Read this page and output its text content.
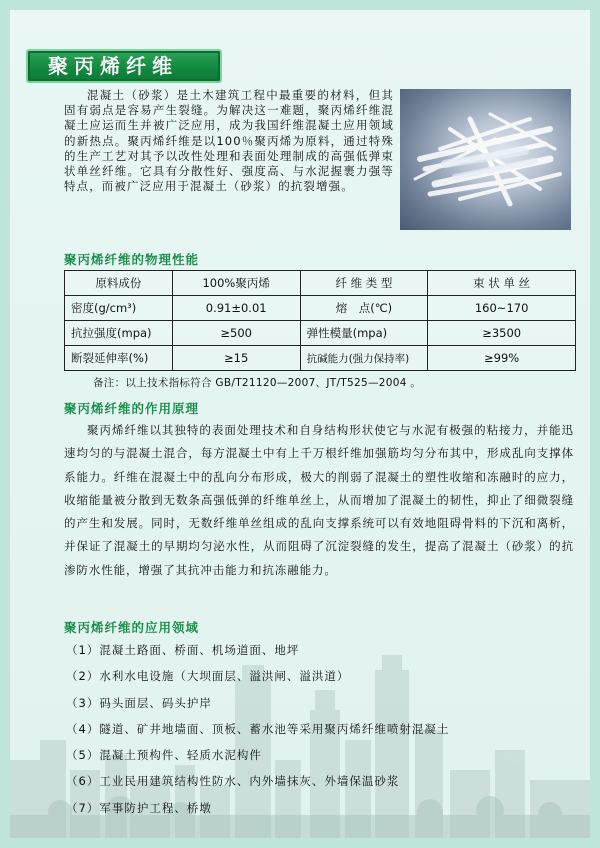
聚丙烯纤维

混凝土（砂浆）是土木建筑工程中最重要的材料，但其固有弱点是容易产生裂缝。为解决这一难题，聚丙烯纤维混凝土应运而生并被广泛应用，成为我国纤维混凝土应用领域的新热点。聚丙烯纤维是以100％聚丙烯为原料，通过特殊的生产工艺对其予以改性处理和表面处理制成的高强低弹束状单丝纤维。它具有分散性好、强度高、与水泥握裹力强等特点，而被广泛应用于混凝土（砂浆）的抗裂增强。

聚丙烯纤维的物理性能
原料成份	100%聚丙烯	纤 维 类 型	束 状 单 丝
密度(g/cm³)	0.91±0.01	熔　点(℃)	160~170
抗拉强度(mpa)	≥500	弹性模量(mpa)	≥3500
断裂延伸率(%)	≥15	抗碱能力(强力保持率)	≥99%
备注：以上技术指标符合 GB/T21120—2007、JT/T525—2004 。
聚丙烯纤维的作用原理

聚丙烯纤维以其独特的表面处理技术和自身结构形状使它与水泥有极强的粘接力，并能迅速均匀的与混凝土混合，每方混凝土中有上千万根纤维加强筋均匀分布其中，形成乱向支撑体系能力。纤维在混凝土中的乱向分布形成，极大的削弱了混凝土的塑性收缩和冻融时的应力，收缩能量被分散到无数条高强低弹的纤维单丝上，从而增加了混凝土的韧性，抑止了细微裂缝的产生和发展。同时，无数纤维单丝组成的乱向支撑系统可以有效地阻碍骨料的下沉和离析，并保证了混凝土的早期均匀泌水性，从而阻碍了沉淀裂缝的发生，提高了混凝土（砂浆）的抗渗防水性能，增强了其抗冲击能力和抗冻融能力。

聚丙烯纤维的应用领域
（1）混凝土路面、桥面、机场道面、地坪
（2）水利水电设施（大坝面层、溢洪闸、溢洪道）
（3）码头面层、码头护岸
（4）隧道、矿井地墙面、顶板、蓄水池等采用聚丙烯纤维喷射混凝土
（5）混凝土预构件、轻质水泥构件
（6）工业民用建筑结构性防水、内外墙抹灰、外墙保温砂浆
（7）军事防护工程、桥墩
